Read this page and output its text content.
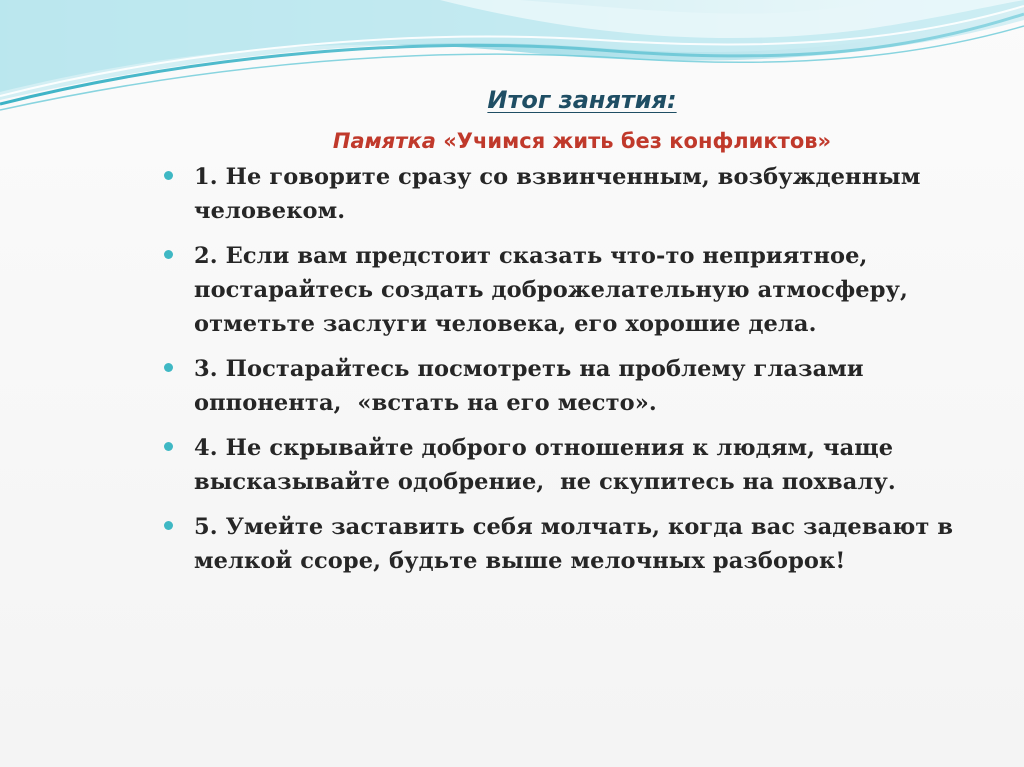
Итог занятия:
Памятка «Учимся жить без конфликтов»
1. Не говорите сразу со взвинченным, возбужденным человеком.
2. Если вам предстоит сказать что-то неприятное, постарайтесь создать доброжелательную атмосферу, отметьте заслуги человека, его хорошие дела.
3. Постарайтесь посмотреть на проблему глазами оппонента,  «встать на его место».
4. Не скрывайте доброго отношения к людям, чаще высказывайте одобрение,  не скупитесь на похвалу.
5. Умейте заставить себя молчать, когда вас задевают в мелкой ссоре, будьте выше мелочных разборок!
